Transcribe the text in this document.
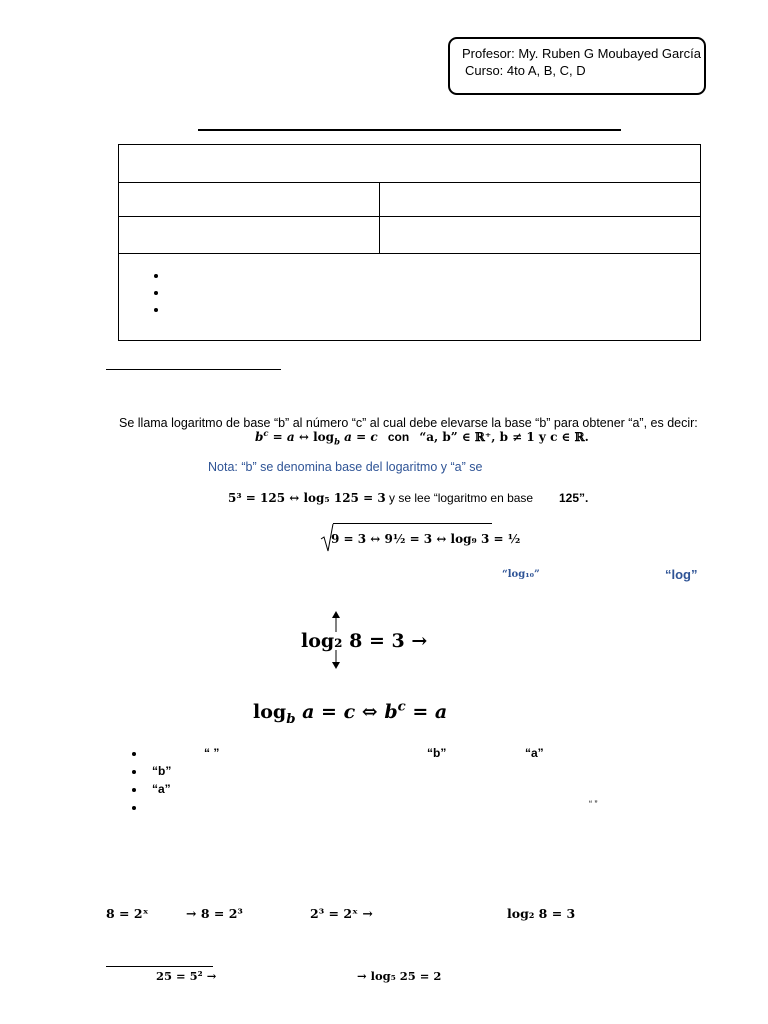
Profesor: My. Ruben G Moubayed García
Curso: 4to A, B, C, D
Se llama logaritmo de base “b” al número “c” al cual debe elevarse la base “b” para obtener “a”, es decir:
$b^c = a$ ↔ $\log_b a = c$ con “a, b” ∈ ℝ⁺, b ≠ 1 y c ∈ ℝ.
Nota: “b” se denomina base del logaritmo y “a” se
5³ = 125 ↔ log₅ 125 = 3 y se lee “logaritmo en base 125”.
9 = 3 ↔ 9½ = 3 ↔ log₉ 3 = ½
“log₁₀”	“log”
log₂ 8 = 3 →
$\log_b a = c$ ⇔ $b^c = a$
“ ”	“b”	“a”
“b”
“a”
“ ”
8 = 2ˣ	→ 8 = 2³	2³ = 2ˣ →	log₂ 8 = 3
25 = 5² →	→ log₅ 25 = 2
